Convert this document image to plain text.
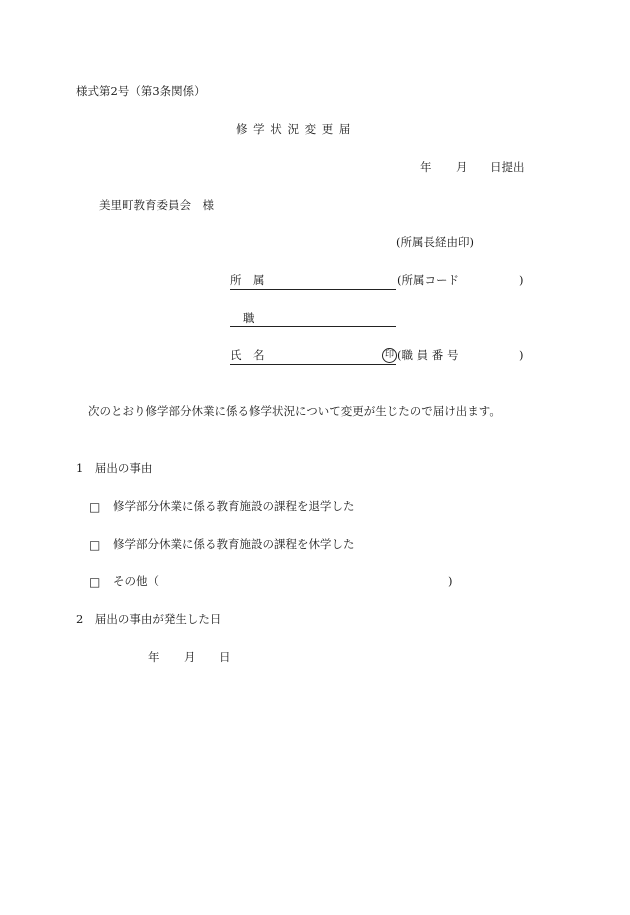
様式第2号（第3条関係）
修 学 状 況 変 更 届
年 月 日提出
美里町教育委員会　様
(所属長経由印)
所　属	(所属コード	)
職
氏　名	印 (職 員 番 号	)
次のとおり修学部分休業に係る修学状況について変更が生じたので届け出ます。
1　届出の事由
□ 修学部分休業に係る教育施設の課程を退学した
□ 修学部分休業に係る教育施設の課程を休学した
□ その他（	)
2　届出の事由が発生した日
年 月 日
